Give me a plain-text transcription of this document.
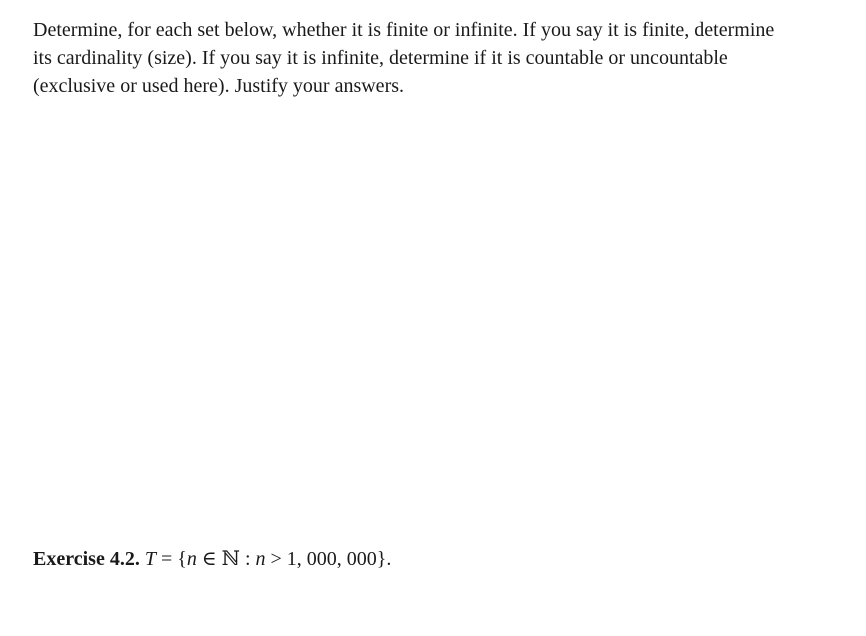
Determine, for each set below, whether it is finite or infinite. If you say it is finite, determine its cardinality (size). If you say it is infinite, determine if it is countable or uncountable (exclusive or used here). Justify your answers.
Exercise 4.2. T = {n ∈ ℕ : n > 1, 000, 000}.
